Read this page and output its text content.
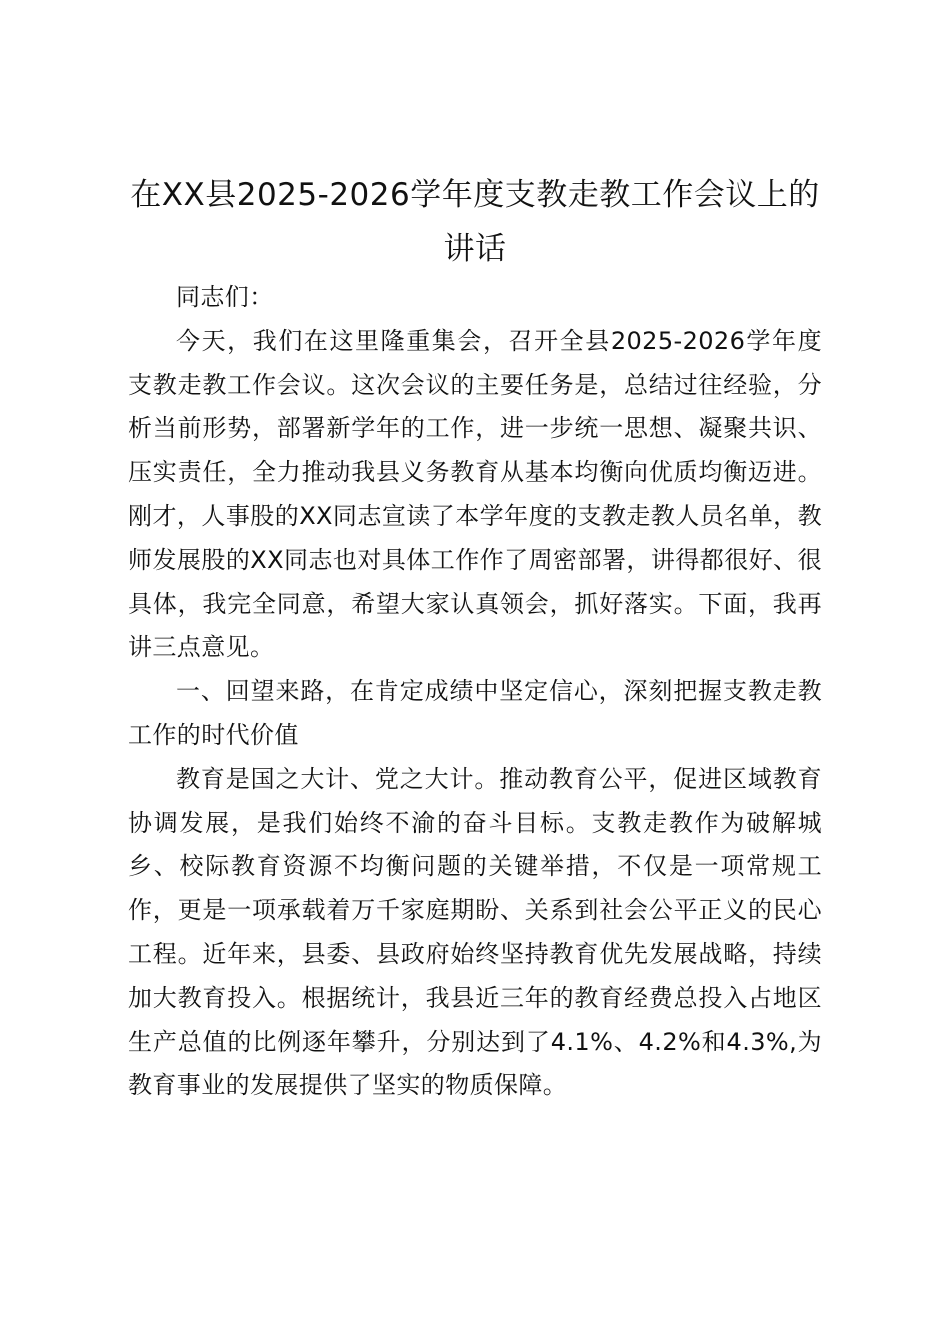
在XX县2025-2026学年度支教走教工作会议上的讲话

同志们：

今天，我们在这里隆重集会，召开全县2025-2026学年度支教走教工作会议。这次会议的主要任务是，总结过往经验，分析当前形势，部署新学年的工作，进一步统一思想、凝聚共识、压实责任，全力推动我县义务教育从基本均衡向优质均衡迈进。刚才，人事股的XX同志宣读了本学年度的支教走教人员名单，教师发展股的XX同志也对具体工作作了周密部署，讲得都很好、很具体，我完全同意，希望大家认真领会，抓好落实。下面，我再讲三点意见。

一、回望来路，在肯定成绩中坚定信心，深刻把握支教走教工作的时代价值

教育是国之大计、党之大计。推动教育公平，促进区域教育协调发展，是我们始终不渝的奋斗目标。支教走教作为破解城乡、校际教育资源不均衡问题的关键举措，不仅是一项常规工作，更是一项承载着万千家庭期盼、关系到社会公平正义的民心工程。近年来，县委、县政府始终坚持教育优先发展战略，持续加大教育投入。根据统计，我县近三年的教育经费总投入占地区生产总值的比例逐年攀升，分别达到了4.1%、4.2%和4.3%,为教育事业的发展提供了坚实的物质保障。
